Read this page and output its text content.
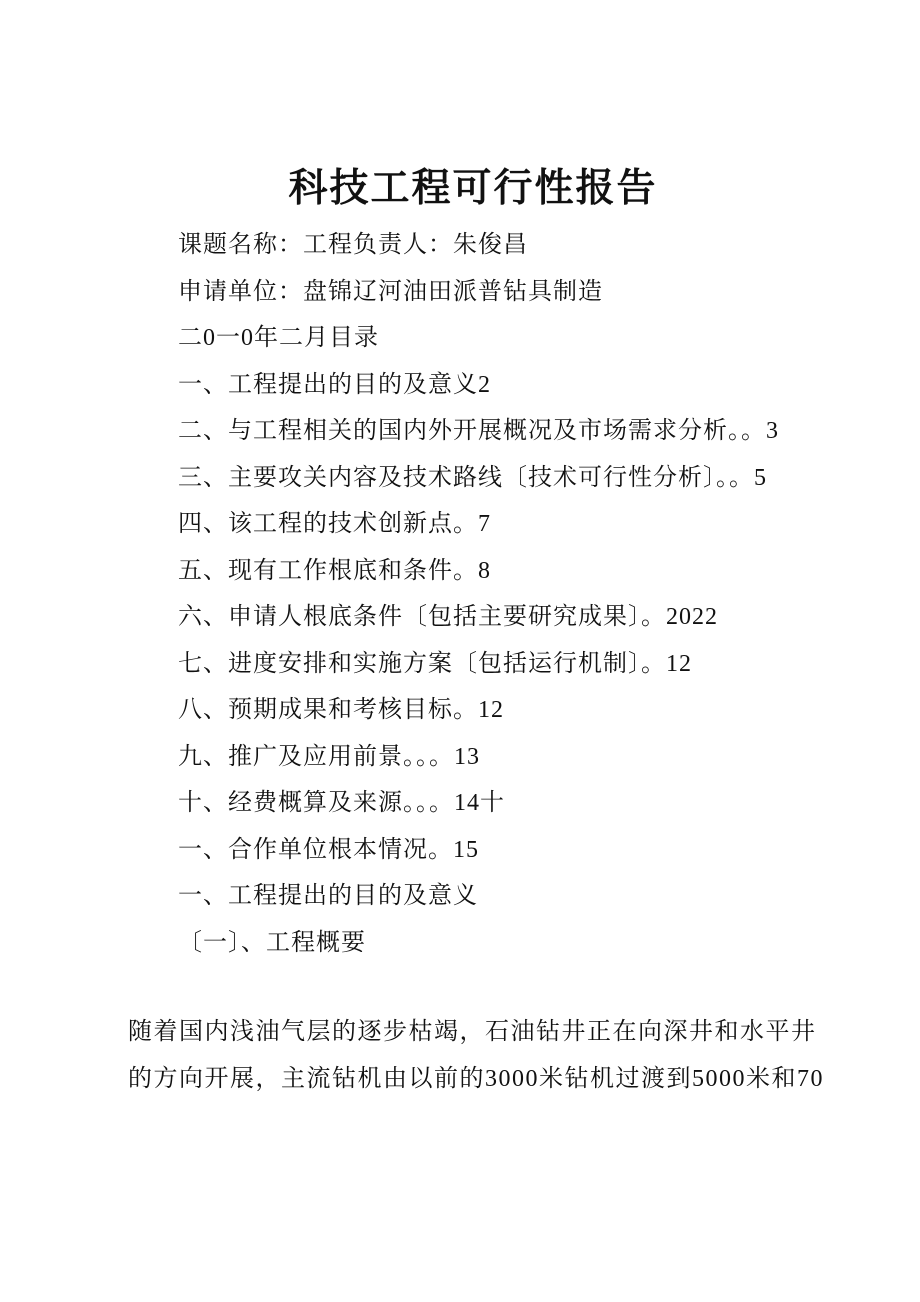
科技工程可行性报告
课题名称：工程负责人：朱俊昌
申请单位：盘锦辽河油田派普钻具制造
二0一0年二月目录
一、工程提出的目的及意义2
二、与工程相关的国内外开展概况及市场需求分析。。3
三、主要攻关内容及技术路线〔技术可行性分析〕。。5
四、该工程的技术创新点。7
五、现有工作根底和条件。8
六、申请人根底条件〔包括主要研究成果〕。2022
七、进度安排和实施方案〔包括运行机制〕。12
八、预期成果和考核目标。12
九、推广及应用前景。。。13
十、经费概算及来源。。。14十
一、合作单位根本情况。15
一、工程提出的目的及意义
〔一〕、工程概要
随着国内浅油气层的逐步枯竭，石油钻井正在向深井和水平井
的方向开展，主流钻机由以前的3000米钻机过渡到5000米和70
